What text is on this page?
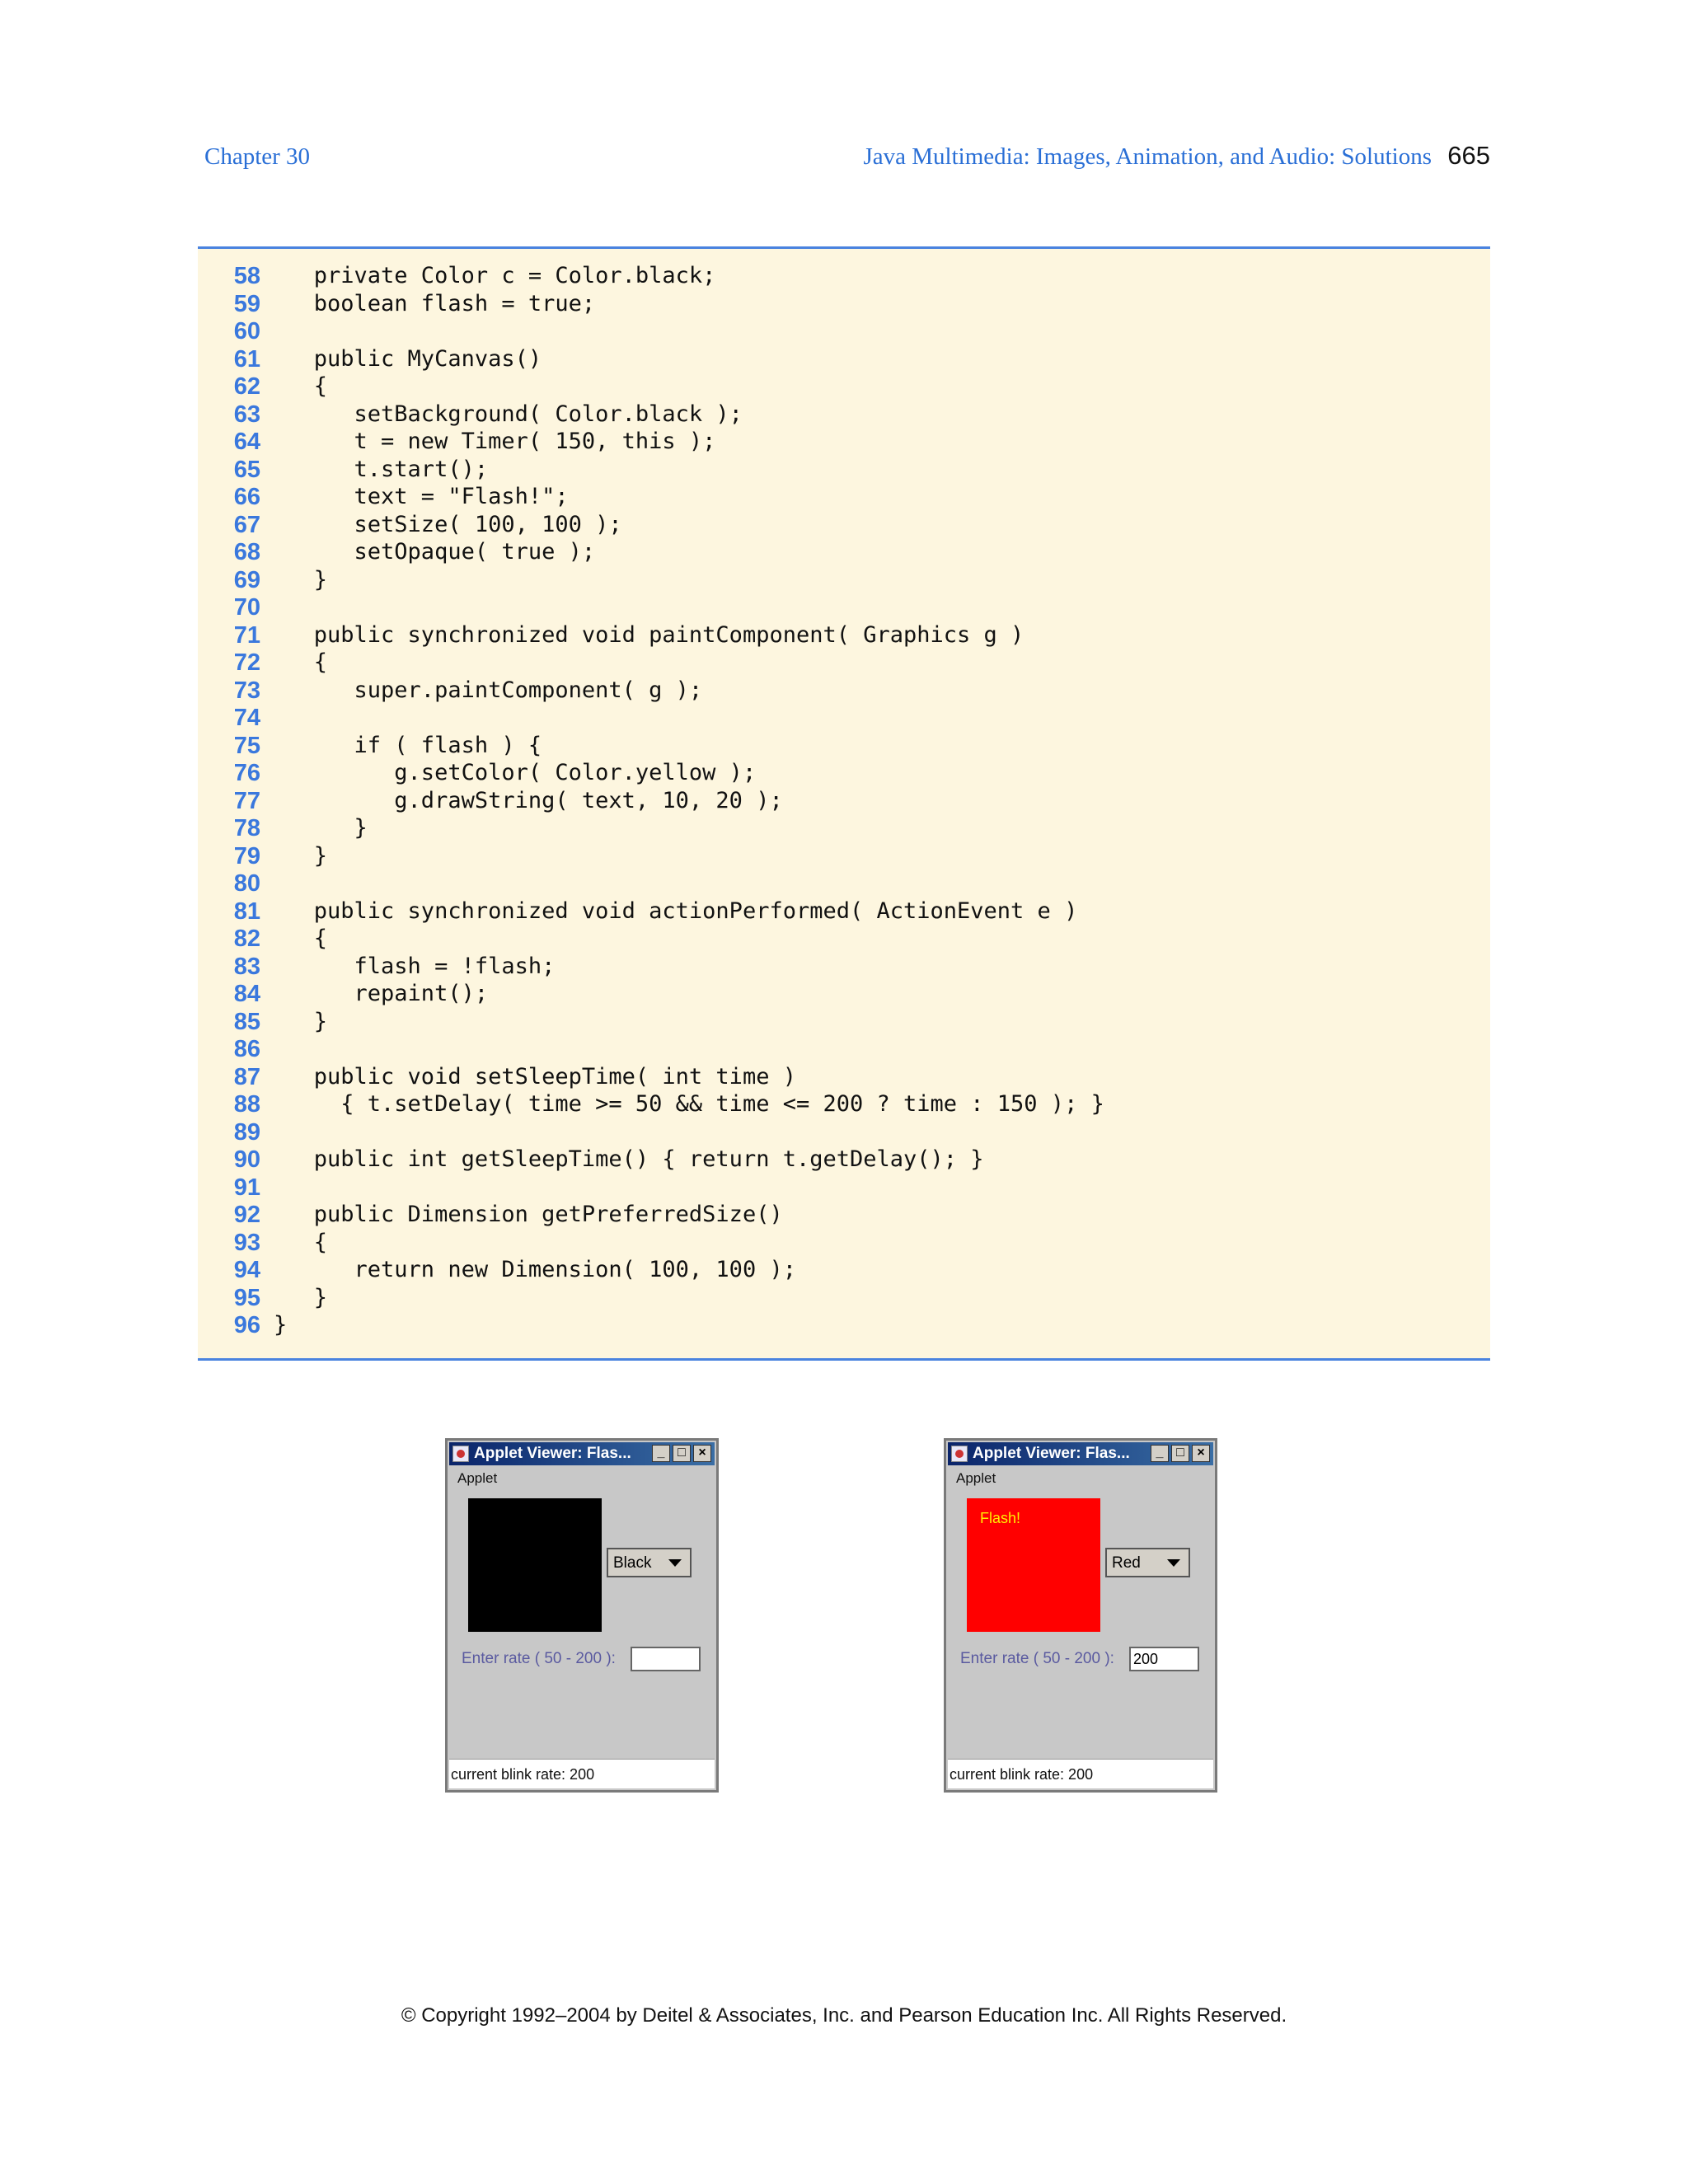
Chapter 30	Java Multimedia: Images, Animation, and Audio: Solutions 665
58 private Color c = Color.black;
59 boolean flash = true;
60
61 public MyCanvas()
62 {
63 setBackground( Color.black );
64 t = new Timer( 150, this );
65 t.start();
66 text = "Flash!";
67 setSize( 100, 100 );
68 setOpaque( true );
69 }
70
71 public synchronized void paintComponent( Graphics g )
72 {
73 super.paintComponent( g );
74
75 if ( flash ) {
76 g.setColor( Color.yellow );
77 g.drawString( text, 10, 20 );
78 }
79 }
80
81 public synchronized void actionPerformed( ActionEvent e )
82 {
83 flash = !flash;
84 repaint();
85 }
86
87 public void setSleepTime( int time )
88 { t.setDelay( time >= 50 && time <= 200 ? time : 150 ); }
89
90 public int getSleepTime() { return t.getDelay(); }
91
92 public Dimension getPreferredSize()
93 {
94 return new Dimension( 100, 100 );
95 }
96 }
Applet Viewer: Flas...	_ □ ×
Applet
Black
Enter rate ( 50 - 200 ):
current blink rate: 200
Applet Viewer: Flas...	_ □ ×
Applet
Flash!
Red
Enter rate ( 50 - 200 ):
200
current blink rate: 200
© Copyright 1992–2004 by Deitel & Associates, Inc. and Pearson Education Inc. All Rights Reserved.
